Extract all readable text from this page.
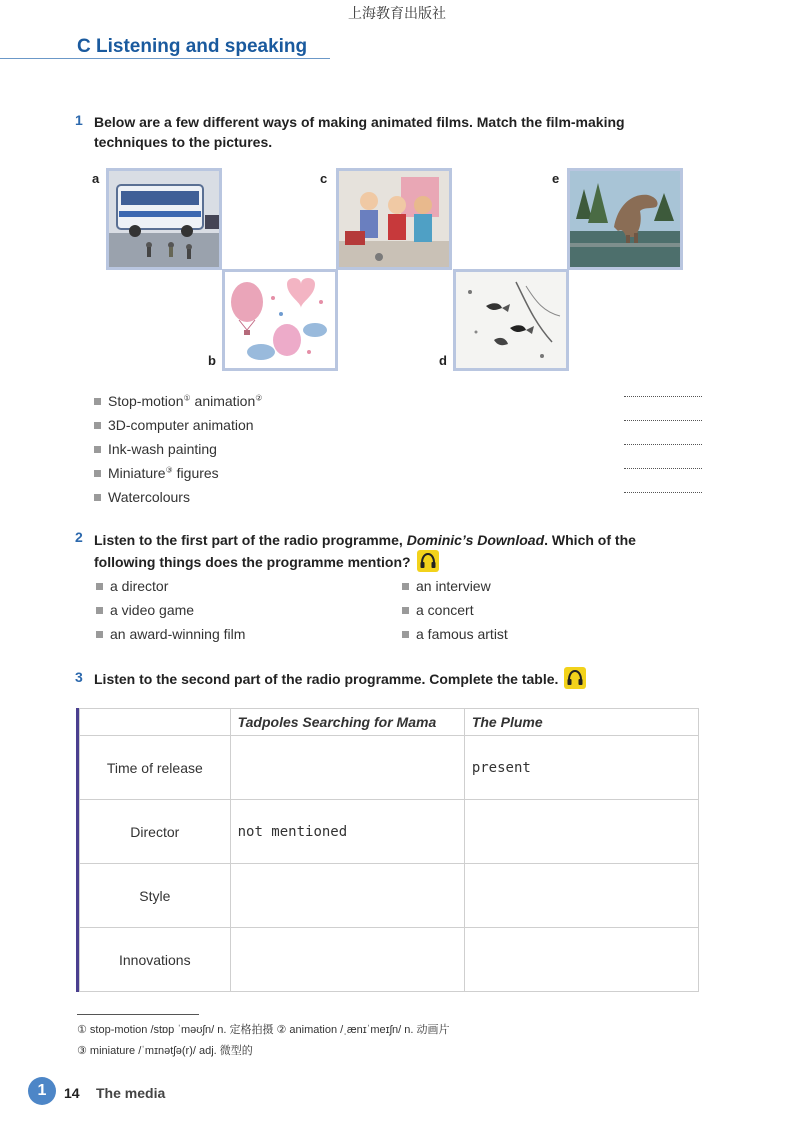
上海教育出版社
C Listening and speaking
1 Below are a few different ways of making animated films. Match the film-making techniques to the pictures.
a	c	e
b	d
Stop-motion① animation②
3D-computer animation
Ink-wash painting
Miniature③ figures
Watercolours
2 Listen to the first part of the radio programme, Dominic’s Download. Which of the following things does the programme mention?
a director
a video game
an award-winning film
an interview
a concert
a famous artist
3 Listen to the second part of the radio programme. Complete the table.
	Tadpoles Searching for Mama	The Plume
Time of release		present
Director	not mentioned	
Style		
Innovations		
① stop-motion /stɒp ˈməʊʃn/ n. 定格拍摄 ② animation /ˌænɪˈmeɪʃn/ n. 动画片
③ miniature /ˈmɪnətʃə(r)/ adj. 微型的
1	14 The media
